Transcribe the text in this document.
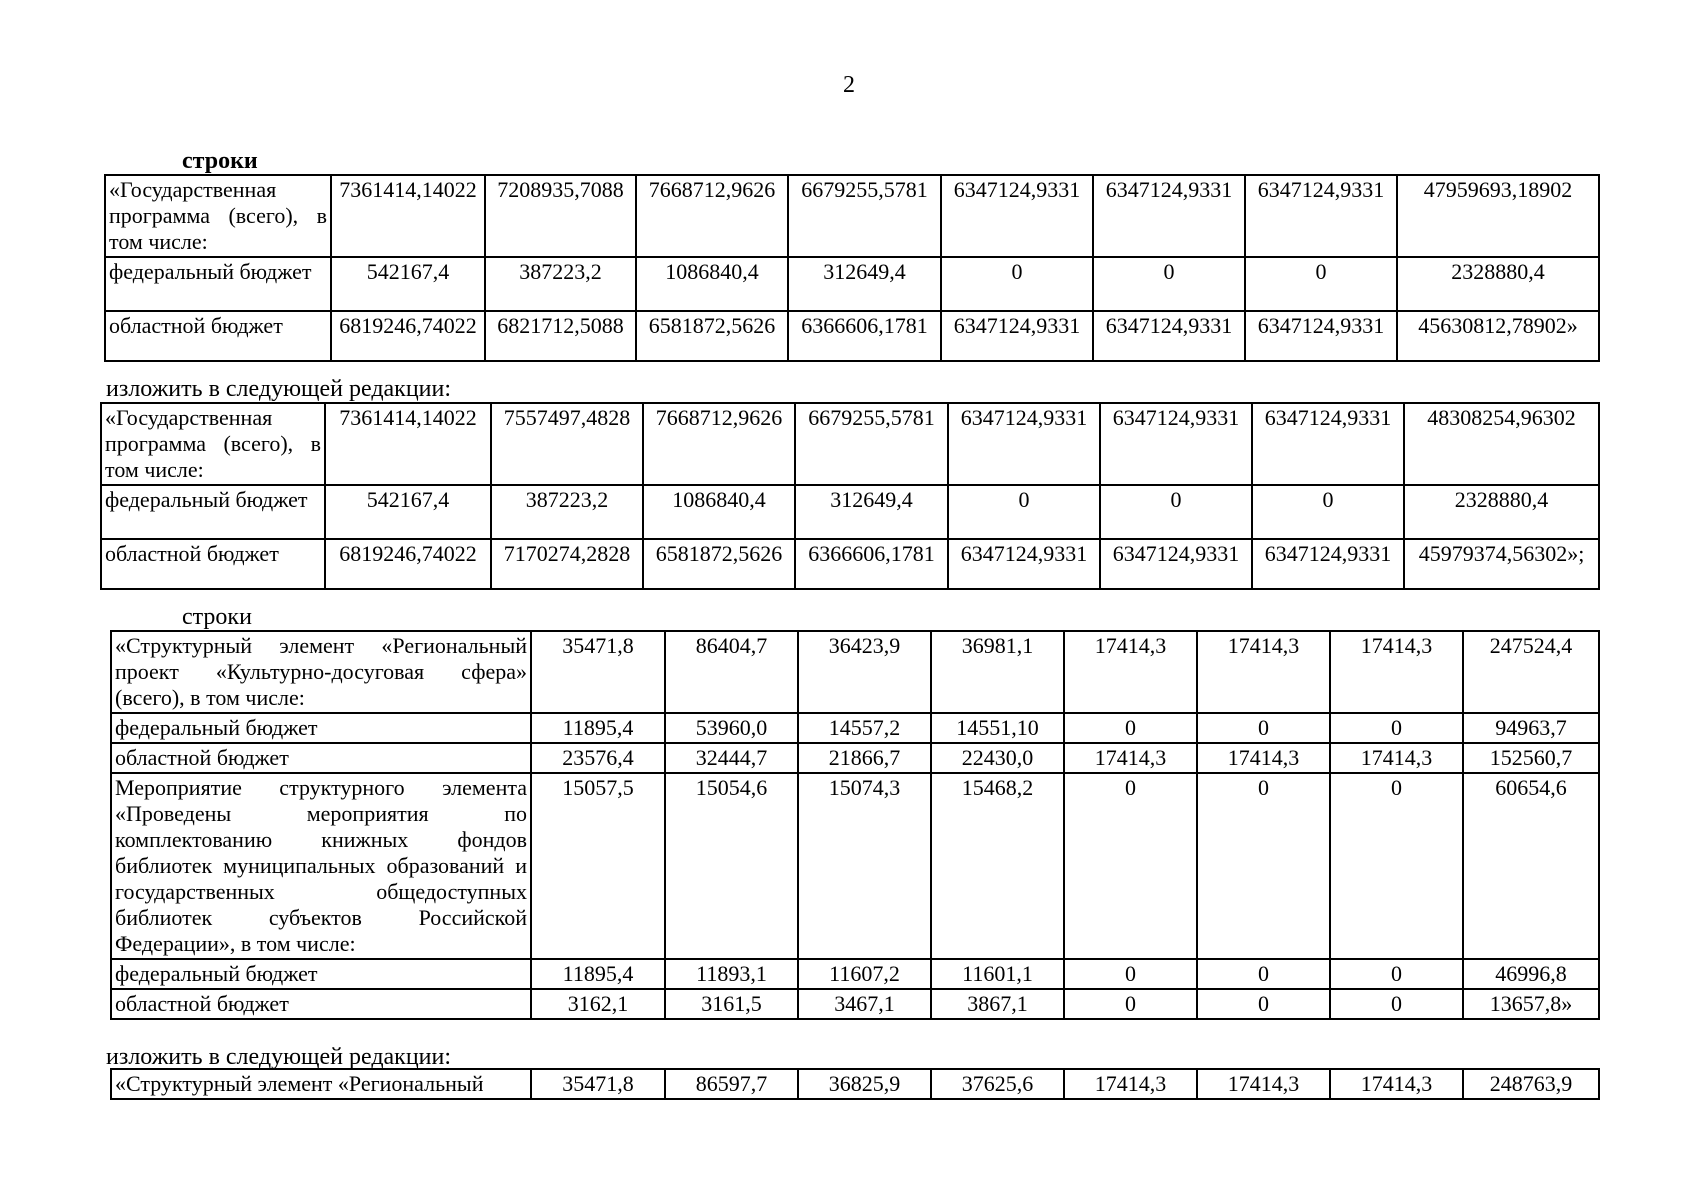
2
строки
«Государственная программа (всего), в том числе:	7361414,14022	7208935,7088	7668712,9626	6679255,5781	6347124,9331	6347124,9331	6347124,9331	47959693,18902
федеральный бюджет	542167,4	387223,2	1086840,4	312649,4	0	0	0	2328880,4
областной бюджет	6819246,74022	6821712,5088	6581872,5626	6366606,1781	6347124,9331	6347124,9331	6347124,9331	45630812,78902»
изложить в следующей редакции:
«Государственная программа (всего), в том числе:	7361414,14022	7557497,4828	7668712,9626	6679255,5781	6347124,9331	6347124,9331	6347124,9331	48308254,96302
федеральный бюджет	542167,4	387223,2	1086840,4	312649,4	0	0	0	2328880,4
областной бюджет	6819246,74022	7170274,2828	6581872,5626	6366606,1781	6347124,9331	6347124,9331	6347124,9331	45979374,56302»;
строки
«Структурный элемент «Региональный проект «Культурно-досуговая сфера» (всего), в том числе:	35471,8	86404,7	36423,9	36981,1	17414,3	17414,3	17414,3	247524,4
федеральный бюджет	11895,4	53960,0	14557,2	14551,10	0	0	0	94963,7
областной бюджет	23576,4	32444,7	21866,7	22430,0	17414,3	17414,3	17414,3	152560,7
Мероприятие структурного элемента «Проведены мероприятия по комплектованию книжных фондов библиотек муниципальных образований и государственных общедоступных библиотек субъектов Российской Федерации», в том числе:	15057,5	15054,6	15074,3	15468,2	0	0	0	60654,6
федеральный бюджет	11895,4	11893,1	11607,2	11601,1	0	0	0	46996,8
областной бюджет	3162,1	3161,5	3467,1	3867,1	0	0	0	13657,8»
изложить в следующей редакции:
«Структурный элемент «Региональный	35471,8	86597,7	36825,9	37625,6	17414,3	17414,3	17414,3	248763,9
